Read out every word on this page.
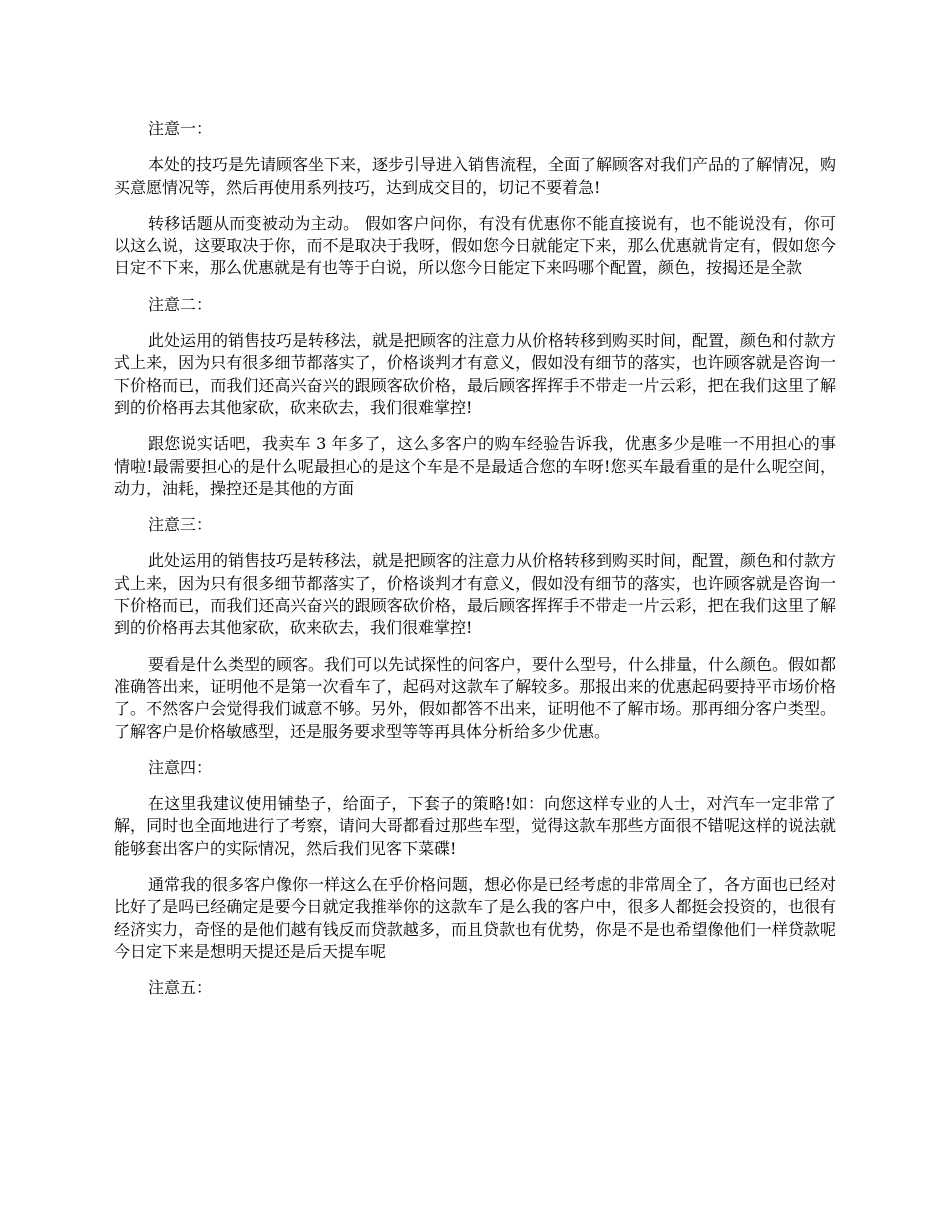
注意一：

本处的技巧是先请顾客坐下来，逐步引导进入销售流程，全面了解顾客对我们产品的了解情况，购买意愿情况等，然后再使用系列技巧，达到成交目的，切记不要着急!

转移话题从而变被动为主动。 假如客户问你，有没有优惠你不能直接说有，也不能说没有，你可以这么说，这要取决于你，而不是取决于我呀，假如您今日就能定下来，那么优惠就肯定有，假如您今日定不下来，那么优惠就是有也等于白说，所以您今日能定下来吗哪个配置，颜色，按揭还是全款

注意二：

此处运用的销售技巧是转移法，就是把顾客的注意力从价格转移到购买时间，配置，颜色和付款方式上来，因为只有很多细节都落实了，价格谈判才有意义，假如没有细节的落实，也许顾客就是咨询一下价格而已，而我们还高兴奋兴的跟顾客砍价格，最后顾客挥挥手不带走一片云彩，把在我们这里了解到的价格再去其他家砍，砍来砍去，我们很难掌控!

跟您说实话吧，我卖车 3 年多了，这么多客户的购车经验告诉我，优惠多少是唯一不用担心的事情啦!最需要担心的是什么呢最担心的是这个车是不是最适合您的车呀!您买车最看重的是什么呢空间，动力，油耗，操控还是其他的方面

注意三：

此处运用的销售技巧是转移法，就是把顾客的注意力从价格转移到购买时间，配置，颜色和付款方式上来，因为只有很多细节都落实了，价格谈判才有意义，假如没有细节的落实，也许顾客就是咨询一下价格而已，而我们还高兴奋兴的跟顾客砍价格，最后顾客挥挥手不带走一片云彩，把在我们这里了解到的价格再去其他家砍，砍来砍去，我们很难掌控!

要看是什么类型的顾客。我们可以先试探性的问客户，要什么型号，什么排量，什么颜色。假如都准确答出来，证明他不是第一次看车了，起码对这款车了解较多。那报出来的优惠起码要持平市场价格了。不然客户会觉得我们诚意不够。另外，假如都答不出来，证明他不了解市场。那再细分客户类型。了解客户是价格敏感型，还是服务要求型等等再具体分析给多少优惠。

注意四：

在这里我建议使用铺垫子，给面子，下套子的策略!如：向您这样专业的人士，对汽车一定非常了解，同时也全面地进行了考察，请问大哥都看过那些车型，觉得这款车那些方面很不错呢这样的说法就能够套出客户的实际情况，然后我们见客下菜碟!

通常我的很多客户像你一样这么在乎价格问题，想必你是已经考虑的非常周全了，各方面也已经对比好了是吗已经确定是要今日就定我推举你的这款车了是么我的客户中，很多人都挺会投资的，也很有经济实力，奇怪的是他们越有钱反而贷款越多，而且贷款也有优势，你是不是也希望像他们一样贷款呢今日定下来是想明天提还是后天提车呢

注意五：
